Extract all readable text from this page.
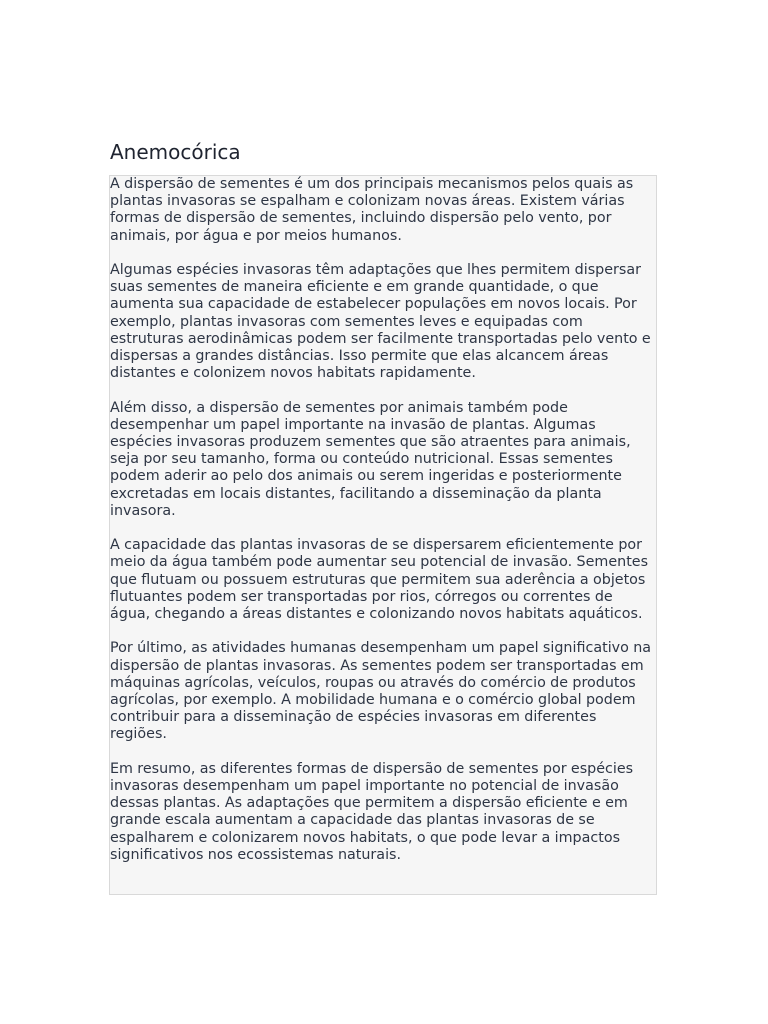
Anemocórica

A dispersão de sementes é um dos principais mecanismos pelos quais as plantas invasoras se espalham e colonizam novas áreas. Existem várias formas de dispersão de sementes, incluindo dispersão pelo vento, por animais, por água e por meios humanos.

Algumas espécies invasoras têm adaptações que lhes permitem dispersar suas sementes de maneira eficiente e em grande quantidade, o que aumenta sua capacidade de estabelecer populações em novos locais. Por exemplo, plantas invasoras com sementes leves e equipadas com estruturas aerodinâmicas podem ser facilmente transportadas pelo vento e dispersas a grandes distâncias. Isso permite que elas alcancem áreas distantes e colonizem novos habitats rapidamente.

Além disso, a dispersão de sementes por animais também pode desempenhar um papel importante na invasão de plantas. Algumas espécies invasoras produzem sementes que são atraentes para animais, seja por seu tamanho, forma ou conteúdo nutricional. Essas sementes podem aderir ao pelo dos animais ou serem ingeridas e posteriormente excretadas em locais distantes, facilitando a disseminação da planta invasora.

A capacidade das plantas invasoras de se dispersarem eficientemente por meio da água também pode aumentar seu potencial de invasão. Sementes que flutuam ou possuem estruturas que permitem sua aderência a objetos flutuantes podem ser transportadas por rios, córregos ou correntes de água, chegando a áreas distantes e colonizando novos habitats aquáticos.

Por último, as atividades humanas desempenham um papel significativo na dispersão de plantas invasoras. As sementes podem ser transportadas em máquinas agrícolas, veículos, roupas ou através do comércio de produtos agrícolas, por exemplo. A mobilidade humana e o comércio global podem contribuir para a disseminação de espécies invasoras em diferentes regiões.

Em resumo, as diferentes formas de dispersão de sementes por espécies invasoras desempenham um papel importante no potencial de invasão dessas plantas. As adaptações que permitem a dispersão eficiente e em grande escala aumentam a capacidade das plantas invasoras de se espalharem e colonizarem novos habitats, o que pode levar a impactos significativos nos ecossistemas naturais.
